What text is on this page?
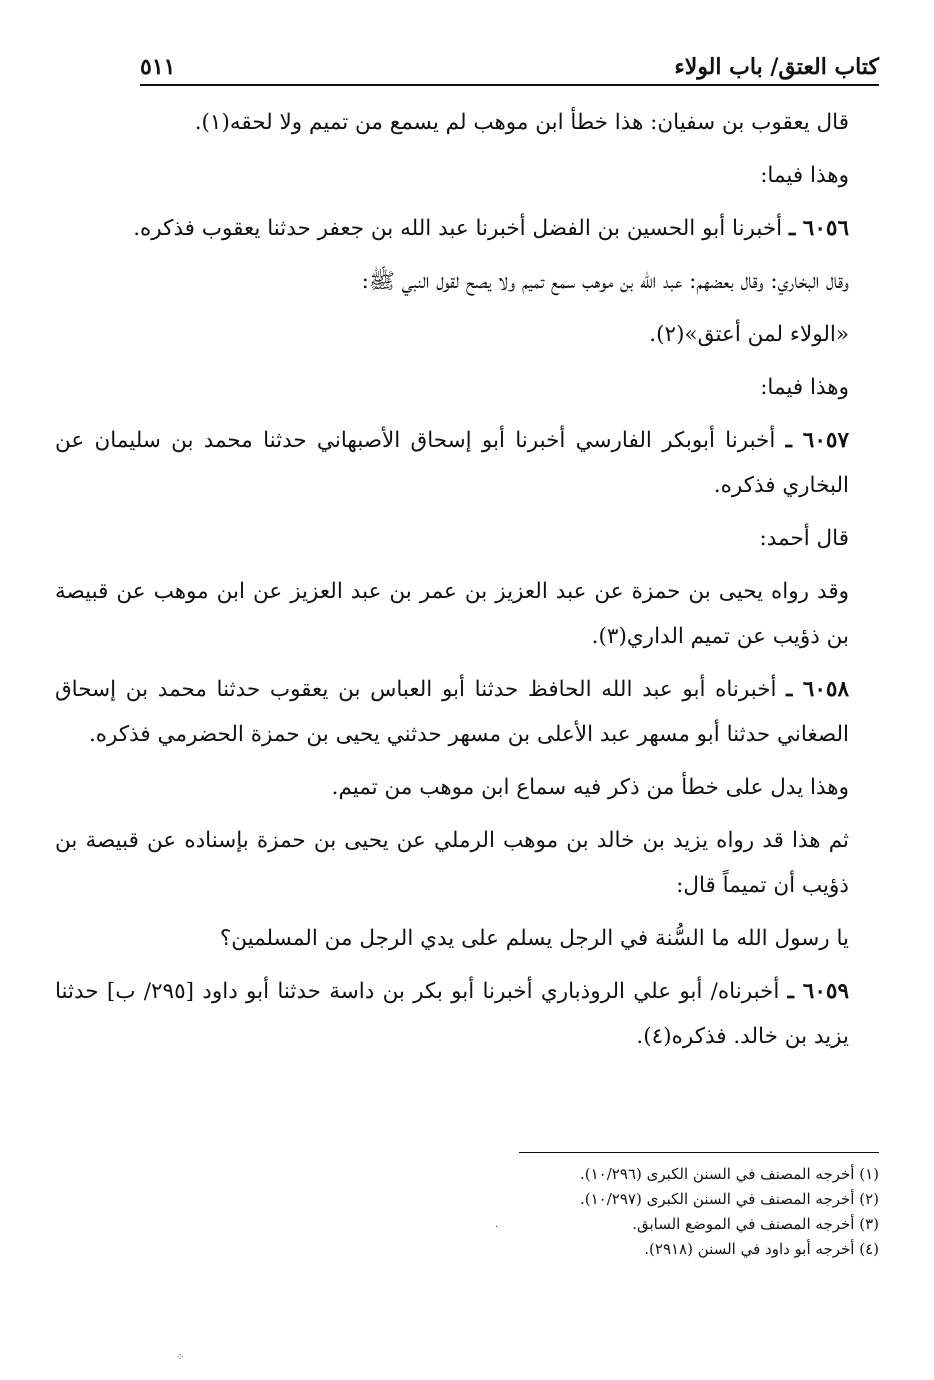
كتاب العتق/ باب الولاء
٥١١

قال يعقوب بن سفيان: هذا خطأ ابن موهب لم يسمع من تميم ولا لحقه(١).

وهذا فيما:

٦٠٥٦ ـ أخبرنا أبو الحسين بن الفضل أخبرنا عبد الله بن جعفر حدثنا يعقوب فذكره.

وقال البخاري: وقال بعضهم: عبد الله بن موهب سمع تميم ولا يصح لقول النبي ﷺ:

«الولاء لمن أعتق»(٢).

وهذا فيما:

٦٠٥٧ ـ أخبرنا أبوبكر الفارسي أخبرنا أبو إسحاق الأصبهاني حدثنا محمد بن سليمان عن البخاري فذكره.

قال أحمد:

وقد رواه يحيى بن حمزة عن عبد العزيز بن عمر بن عبد العزيز عن ابن موهب عن قبيصة بن ذؤيب عن تميم الداري(٣).

٦٠٥٨ ـ أخبرناه أبو عبد الله الحافظ حدثنا أبو العباس بن يعقوب حدثنا محمد بن إسحاق الصغاني حدثنا أبو مسهر عبد الأعلى بن مسهر حدثني يحيى بن حمزة الحضرمي فذكره.

وهذا يدل على خطأ من ذكر فيه سماع ابن موهب من تميم.

ثم هذا قد رواه يزيد بن خالد بن موهب الرملي عن يحيى بن حمزة بإسناده عن قبيصة بن ذؤيب أن تميماً قال:

يا رسول الله ما السُّنة في الرجل يسلم على يدي الرجل من المسلمين؟

٦٠٥٩ ـ أخبرناه/ أبو علي الروذباري أخبرنا أبو بكر بن داسة حدثنا أبو داود [٢٩٥/ ب] حدثنا يزيد بن خالد. فذكره(٤).

(١) أخرجه المصنف في السنن الكبرى (١٠/٢٩٦).
(٢) أخرجه المصنف في السنن الكبرى (١٠/٢٩٧).
(٣) أخرجه المصنف في الموضع السابق.
(٤) أخرجه أبو داود في السنن (٢٩١٨).
⁘
·
